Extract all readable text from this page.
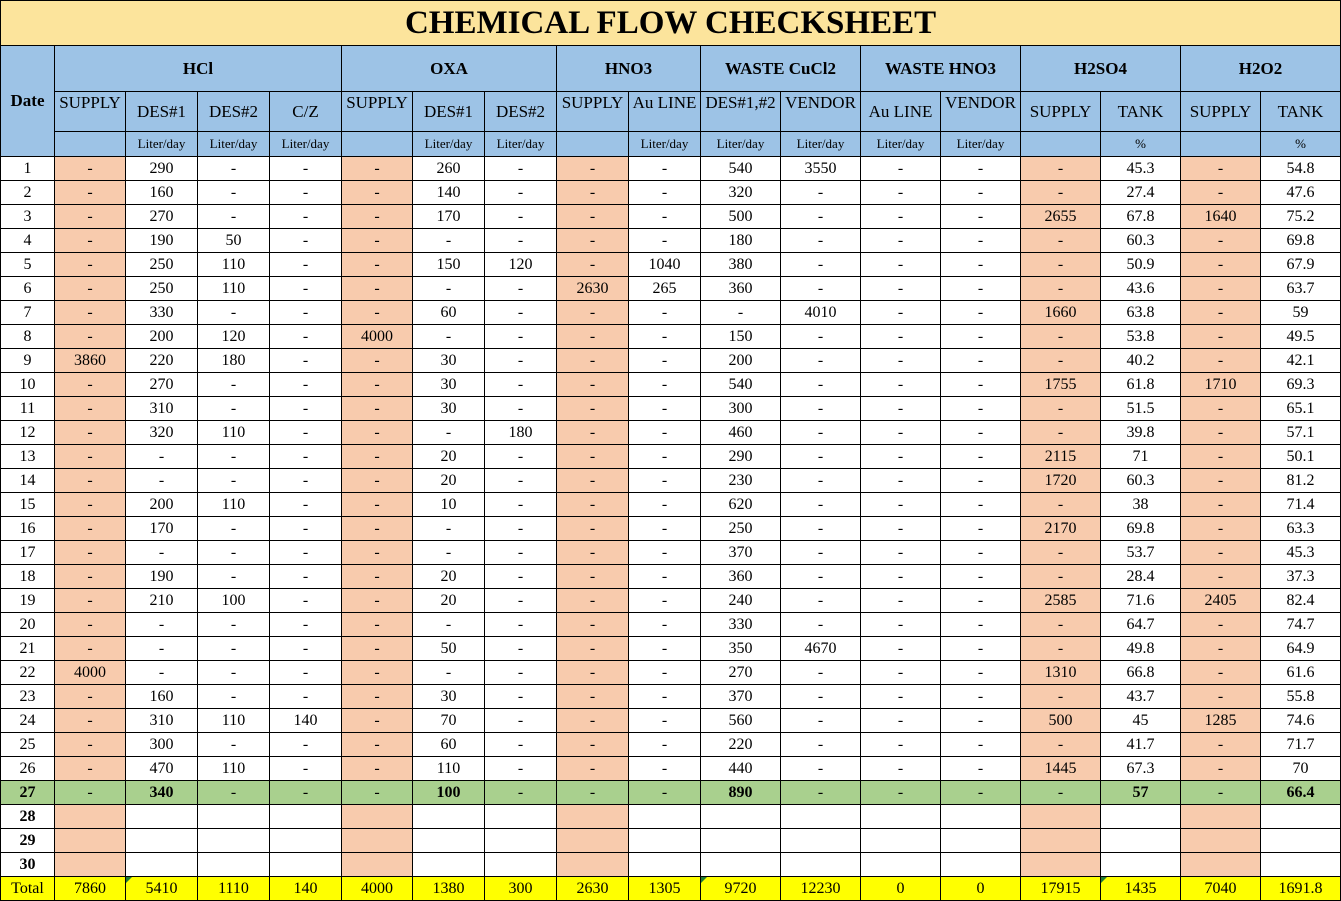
CHEMICAL FLOW CHECKSHEET																	
Date	HCl				OXA			HNO3		WASTE CuCl2		WASTE HNO3		H2SO4		H2O2	
	SUPPLY	DES#1	DES#2	C/Z	SUPPLY	DES#1	DES#2	SUPPLY	Au LINE	DES#1,#2	VENDOR	Au LINE	VENDOR	SUPPLY	TANK	SUPPLY	TANK
		Liter/day	Liter/day	Liter/day		Liter/day	Liter/day		Liter/day	Liter/day	Liter/day	Liter/day	Liter/day		%		%
1	-	290	-	-	-	260	-	-	-	540	3550	-	-	-	45.3	-	54.8
2	-	160	-	-	-	140	-	-	-	320	-	-	-	-	27.4	-	47.6
3	-	270	-	-	-	170	-	-	-	500	-	-	-	2655	67.8	1640	75.2
4	-	190	50	-	-	-	-	-	-	180	-	-	-	-	60.3	-	69.8
5	-	250	110	-	-	150	120	-	1040	380	-	-	-	-	50.9	-	67.9
6	-	250	110	-	-	-	-	2630	265	360	-	-	-	-	43.6	-	63.7
7	-	330	-	-	-	60	-	-	-	-	4010	-	-	1660	63.8	-	59
8	-	200	120	-	4000	-	-	-	-	150	-	-	-	-	53.8	-	49.5
9	3860	220	180	-	-	30	-	-	-	200	-	-	-	-	40.2	-	42.1
10	-	270	-	-	-	30	-	-	-	540	-	-	-	1755	61.8	1710	69.3
11	-	310	-	-	-	30	-	-	-	300	-	-	-	-	51.5	-	65.1
12	-	320	110	-	-	-	180	-	-	460	-	-	-	-	39.8	-	57.1
13	-	-	-	-	-	20	-	-	-	290	-	-	-	2115	71	-	50.1
14	-	-	-	-	-	20	-	-	-	230	-	-	-	1720	60.3	-	81.2
15	-	200	110	-	-	10	-	-	-	620	-	-	-	-	38	-	71.4
16	-	170	-	-	-	-	-	-	-	250	-	-	-	2170	69.8	-	63.3
17	-	-	-	-	-	-	-	-	-	370	-	-	-	-	53.7	-	45.3
18	-	190	-	-	-	20	-	-	-	360	-	-	-	-	28.4	-	37.3
19	-	210	100	-	-	20	-	-	-	240	-	-	-	2585	71.6	2405	82.4
20	-	-	-	-	-	-	-	-	-	330	-	-	-	-	64.7	-	74.7
21	-	-	-	-	-	50	-	-	-	350	4670	-	-	-	49.8	-	64.9
22	4000	-	-	-	-	-	-	-	-	270	-	-	-	1310	66.8	-	61.6
23	-	160	-	-	-	30	-	-	-	370	-	-	-	-	43.7	-	55.8
24	-	310	110	140	-	70	-	-	-	560	-	-	-	500	45	1285	74.6
25	-	300	-	-	-	60	-	-	-	220	-	-	-	-	41.7	-	71.7
26	-	470	110	-	-	110	-	-	-	440	-	-	-	1445	67.3	-	70
27	-	340	-	-	-	100	-	-	-	890	-	-	-	-	57	-	66.4
28																	
29																	
30																	
Total	7860	5410	1110	140	4000	1380	300	2630	1305	9720	12230	0	0	17915	1435	7040	1691.8
